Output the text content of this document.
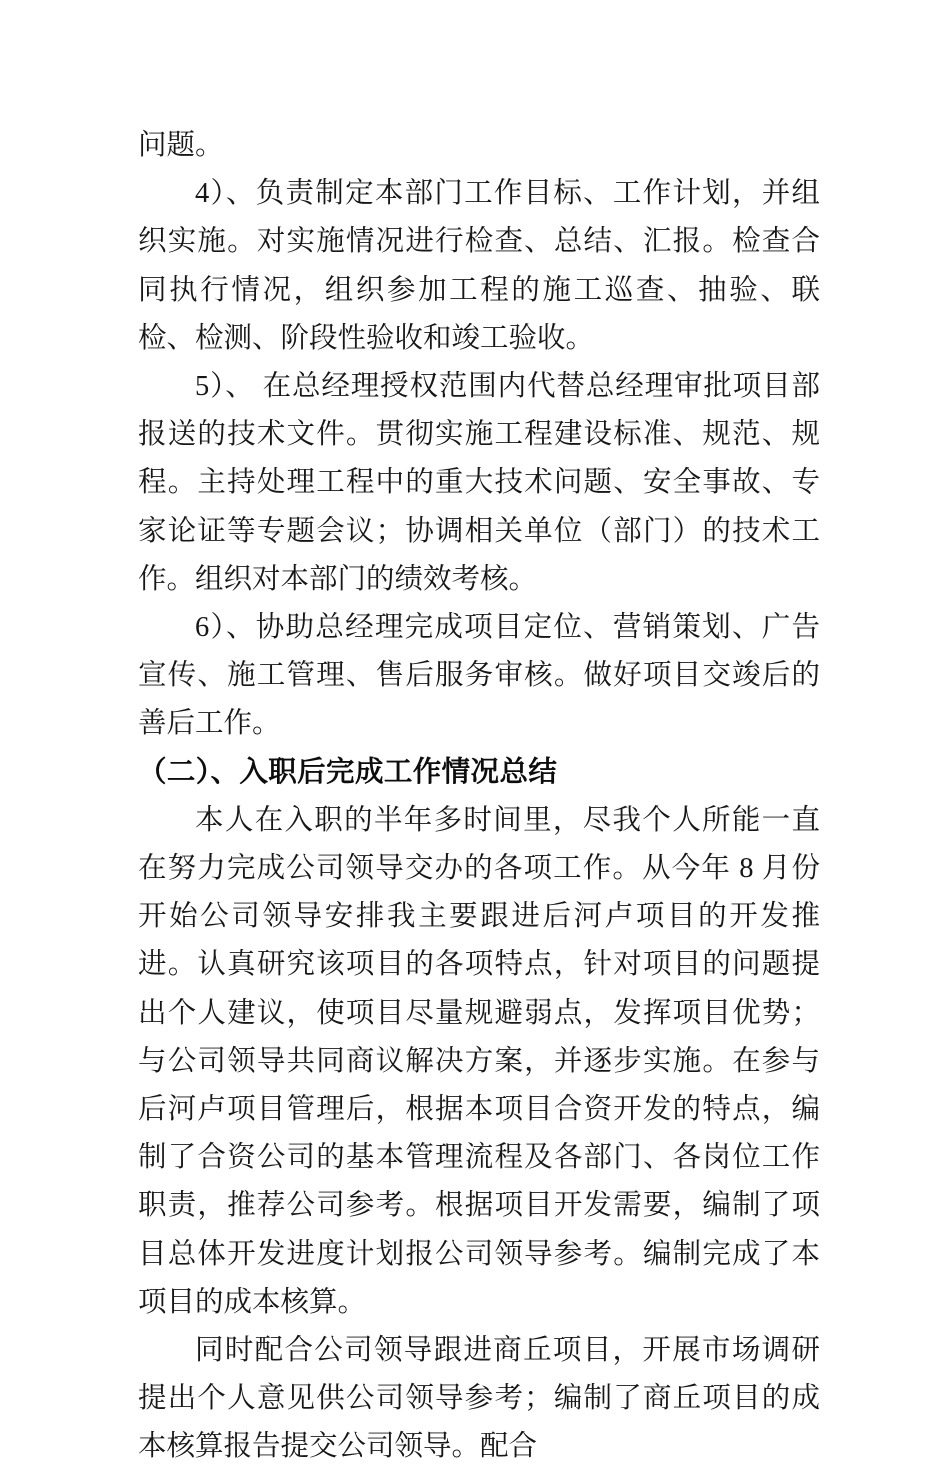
问题。

4）、负责制定本部门工作目标、工作计划，并组织实施。对实施情况进行检查、总结、汇报。检查合同执行情况，组织参加工程的施工巡查、抽验、联检、检测、阶段性验收和竣工验收。

5）、 在总经理授权范围内代替总经理审批项目部报送的技术文件。贯彻实施工程建设标准、规范、规程。主持处理工程中的重大技术问题、安全事故、专家论证等专题会议；协调相关单位（部门）的技术工作。组织对本部门的绩效考核。

6）、协助总经理完成项目定位、营销策划、广告宣传、施工管理、售后服务审核。做好项目交竣后的善后工作。

（二）、入职后完成工作情况总结

本人在入职的半年多时间里，尽我个人所能一直在努力完成公司领导交办的各项工作。从今年 8 月份开始公司领导安排我主要跟进后河卢项目的开发推进。认真研究该项目的各项特点，针对项目的问题提出个人建议，使项目尽量规避弱点，发挥项目优势；与公司领导共同商议解决方案，并逐步实施。在参与后河卢项目管理后，根据本项目合资开发的特点，编制了合资公司的基本管理流程及各部门、各岗位工作职责，推荐公司参考。根据项目开发需要，编制了项目总体开发进度计划报公司领导参考。编制完成了本项目的成本核算。

同时配合公司领导跟进商丘项目，开展市场调研提出个人意见供公司领导参考；编制了商丘项目的成本核算报告提交公司领导。配合
